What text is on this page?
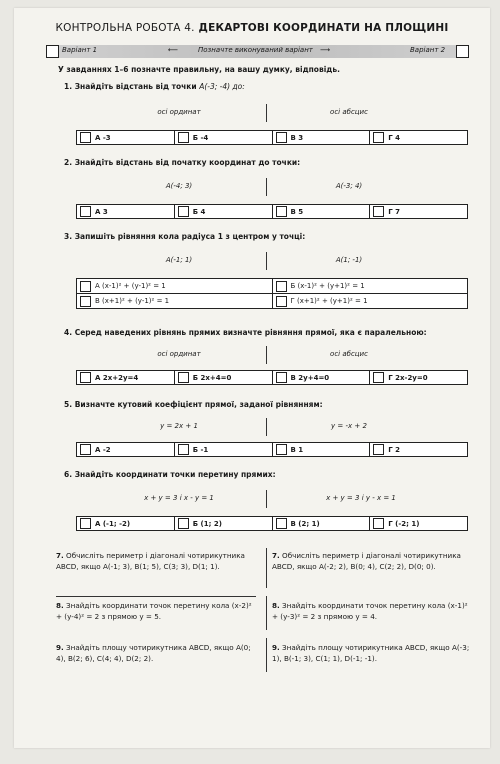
КОНТРОЛЬНА РОБОТА 4. ДЕКАРТОВІ КООРДИНАТИ НА ПЛОЩИНІ
Варіант 1	⟵	Позначте виконуваний варіант ⟶	Варіант 2
У завданнях 1–6 позначте правильну, на вашу думку, відповідь.
1. Знайдіть відстань від точки A(-3; -4) до:
осі ординат	осі абсцис
А -3	Б -4	В 3	Г 4
2. Знайдіть відстань від початку координат до точки:
A(-4; 3)	A(-3; 4)
А 3	Б 4	В 5	Г 7
3. Запишіть рівняння кола радіуса 1 з центром у точці:
A(-1; 1)	A(1; -1)
А (x-1)² + (y-1)² = 1	Б (x-1)² + (y+1)² = 1
В (x+1)² + (y-1)² = 1	Г (x+1)² + (y+1)² = 1
4. Серед наведених рівнянь прямих визначте рівняння прямої, яка є паралельною:
осі ординат	осі абсцис
А 2x+2y=4	Б 2x+4=0	В 2y+4=0	Г 2x-2y=0
5. Визначте кутовий коефіцієнт прямої, заданої рівнянням:
y = 2x + 1	y = -x + 2
А -2	Б -1	В 1	Г 2
6. Знайдіть координати точки перетину прямих:
x + y = 3 і x - y = 1	x + y = 3 і y - x = 1
А (-1; -2)	Б (1; 2)	В (2; 1)	Г (-2; 1)
7. Обчисліть периметр і діагоналі чотирикутника ABCD, якщо A(-1; 3), B(1; 5), C(3; 3), D(1; 1).
7. Обчисліть периметр і діагоналі чотирикутника ABCD, якщо A(-2; 2), B(0; 4), C(2; 2), D(0; 0).
8. Знайдіть координати точок перетину кола (x-2)² + (y-4)² = 2 з прямою y = 5.
8. Знайдіть координати точок перетину кола (x-1)² + (y-3)² = 2 з прямою y = 4.
9. Знайдіть площу чотирикутника ABCD, якщо A(0; 4), B(2; 6), C(4; 4), D(2; 2).
9. Знайдіть площу чотирикутника ABCD, якщо A(-3; 1), B(-1; 3), C(1; 1), D(-1; -1).
